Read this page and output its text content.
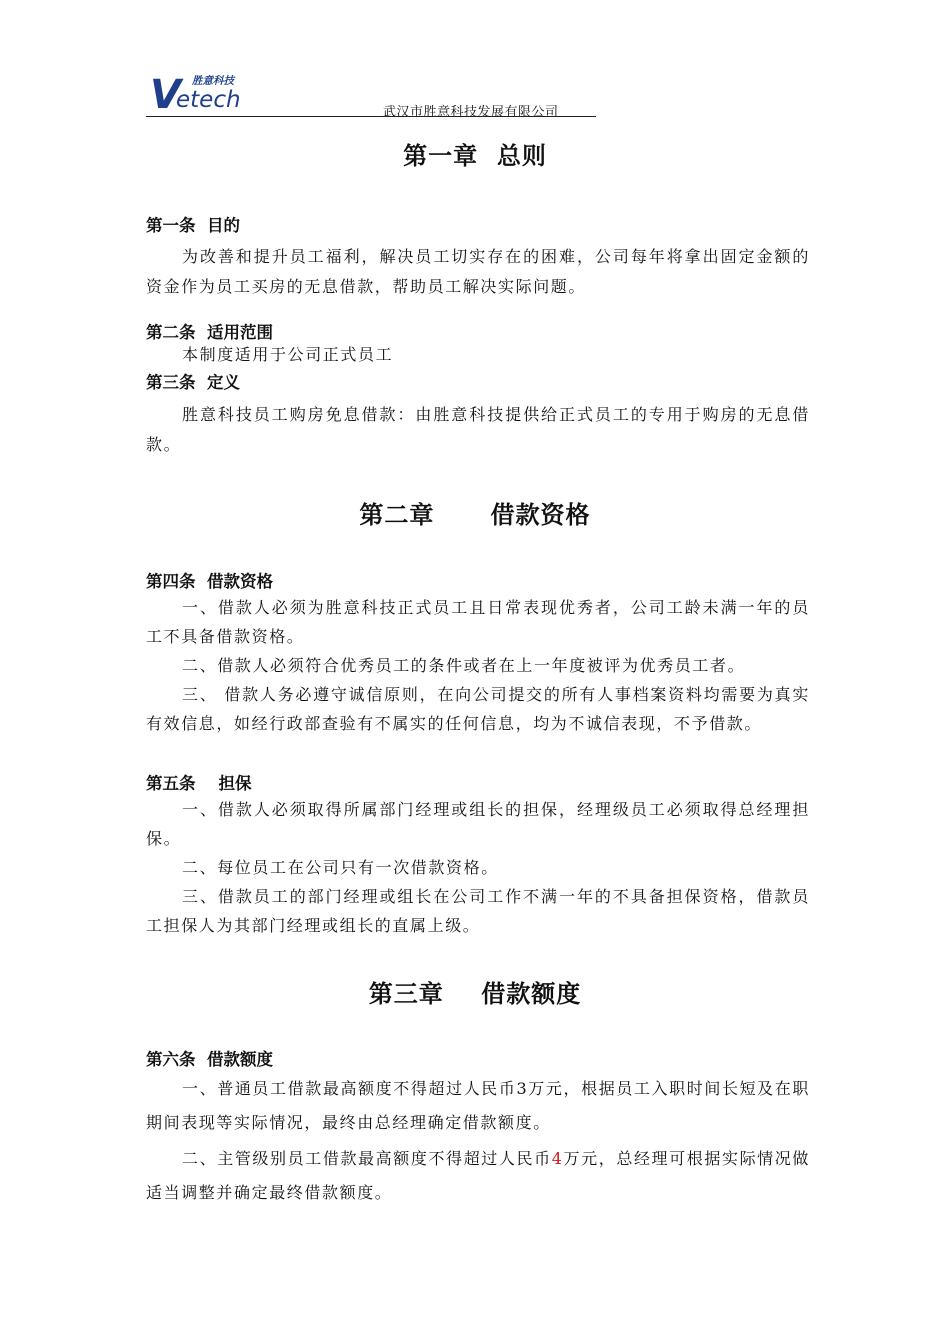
V
etech
胜意科技
武汉市胜意科技发展有限公司
第一章  总则
第一条  目的
为改善和提升员工福利，解决员工切实存在的困难，公司每年将拿出固定金额的资金作为员工买房的无息借款，帮助员工解决实际问题。
第二条  适用范围
本制度适用于公司正式员工
第三条  定义
胜意科技员工购房免息借款：由胜意科技提供给正式员工的专用于购房的无息借款。
第二章      借款资格
第四条  借款资格
一、借款人必须为胜意科技正式员工且日常表现优秀者，公司工龄未满一年的员工不具备借款资格。
二、借款人必须符合优秀员工的条件或者在上一年度被评为优秀员工者。
三、 借款人务必遵守诚信原则，在向公司提交的所有人事档案资料均需要为真实有效信息，如经行政部查验有不属实的任何信息，均为不诚信表现，不予借款。
第五条    担保
一、借款人必须取得所属部门经理或组长的担保，经理级员工必须取得总经理担保。
二、每位员工在公司只有一次借款资格。
三、借款员工的部门经理或组长在公司工作不满一年的不具备担保资格，借款员工担保人为其部门经理或组长的直属上级。
第三章    借款额度
第六条  借款额度
一、普通员工借款最高额度不得超过人民币3万元，根据员工入职时间长短及在职期间表现等实际情况，最终由总经理确定借款额度。
二、主管级别员工借款最高额度不得超过人民币4万元，总经理可根据实际情况做适当调整并确定最终借款额度。
